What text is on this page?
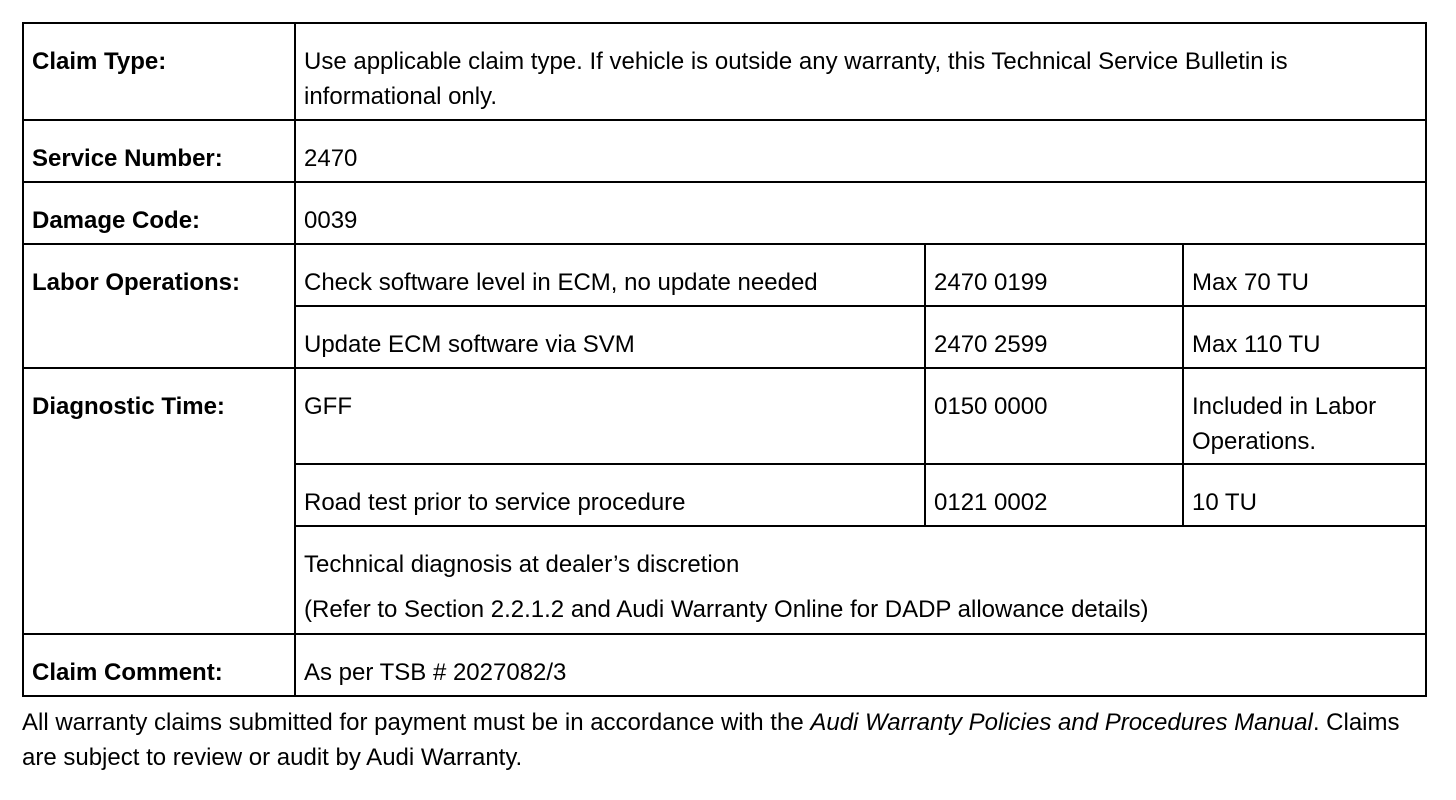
Claim Type:	Use applicable claim type. If vehicle is outside any warranty, this Technical Service Bulletin is informational only.		
Service Number:	2470		
Damage Code:	0039		
Labor Operations:	Check software level in ECM, no update needed	2470 0199	Max 70 TU
	Update ECM software via SVM	2470 2599	Max 110 TU
Diagnostic Time:	GFF	0150 0000	Included in Labor Operations.
	Road test prior to service procedure	0121 0002	10 TU

	Technical diagnosis at dealer’s discretion
(Refer to Section 2.2.1.2 and Audi Warranty Online for DADP allowance details)		

Claim Comment:	As per TSB # 2027082/3		

All warranty claims submitted for payment must be in accordance with the Audi Warranty Policies and Procedures Manual. Claims are subject to review or audit by Audi Warranty.
